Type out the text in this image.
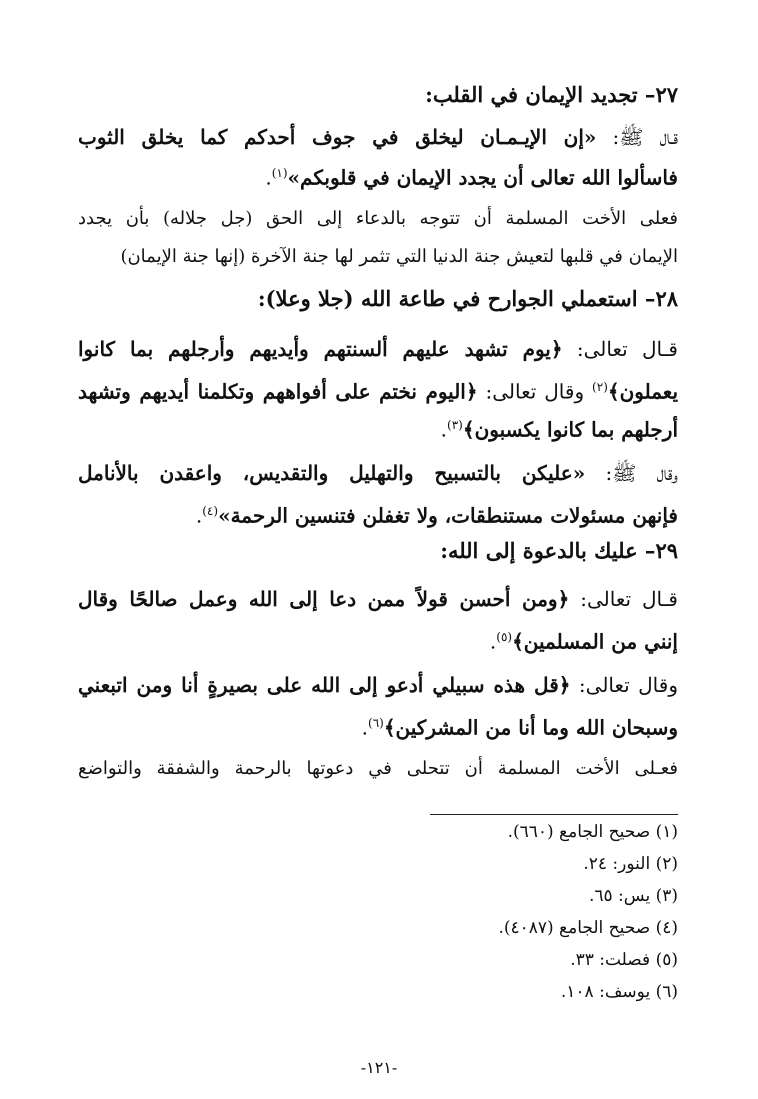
٢٧– تجديد الإيمان في القلب:
قـال ﷺ: «إن الإيـمـان ليخلق في جوف أحدكم كما يخلق الثوب
فاسألوا الله تعالى أن يجدد الإيمان في قلوبكم»$^{(١)}$.
فعلى الأخت المسلمة أن تتوجه بالدعاء إلى الحق (جل جلاله) بأن يجدد
الإيمان في قلبها لتعيش جنة الدنيا التي تثمر لها جنة الآخرة (إنها جنة الإيمان)
٢٨– استعملي الجوارح في طاعة الله (جلا وعلا):
قـال تعالى: ﴿يوم تشهد عليهم ألسنتهم وأيديهم وأرجلهم بما كانوا
يعملون﴾$^{(٢)}$ وقال تعالى: ﴿اليوم نختم على أفواههم وتكلمنا أيديهم وتشهد
أرجلهم بما كانوا يكسبون﴾$^{(٣)}$.
وقال ﷺ: «عليكن بالتسبيح والتهليل والتقديس، واعقدن بالأنامل
فإنهن مسئولات مستنطقات، ولا تغفلن فتنسين الرحمة»$^{(٤)}$.
٢٩– عليك بالدعوة إلى الله:
قـال تعالى: ﴿ومن أحسن قولاً ممن دعا إلى الله وعمل صالحًا وقال
إنني من المسلمين﴾$^{(٥)}$.
وقال تعالى: ﴿قل هذه سبيلي أدعو إلى الله على بصيرةٍ أنا ومن اتبعني
وسبحان الله وما أنا من المشركين﴾$^{(٦)}$.
فعـلى الأخت المسلمة أن تتحلى في دعوتها بالرحمة والشفقة والتواضع
(١) صحيح الجامع (٦٦٠).
(٢) النور: ٢٤.
(٣) يس: ٦٥.
(٤) صحيح الجامع (٤٠٨٧).
(٥) فصلت: ٣٣.
(٦) يوسف: ١٠٨.
-١٢١-
